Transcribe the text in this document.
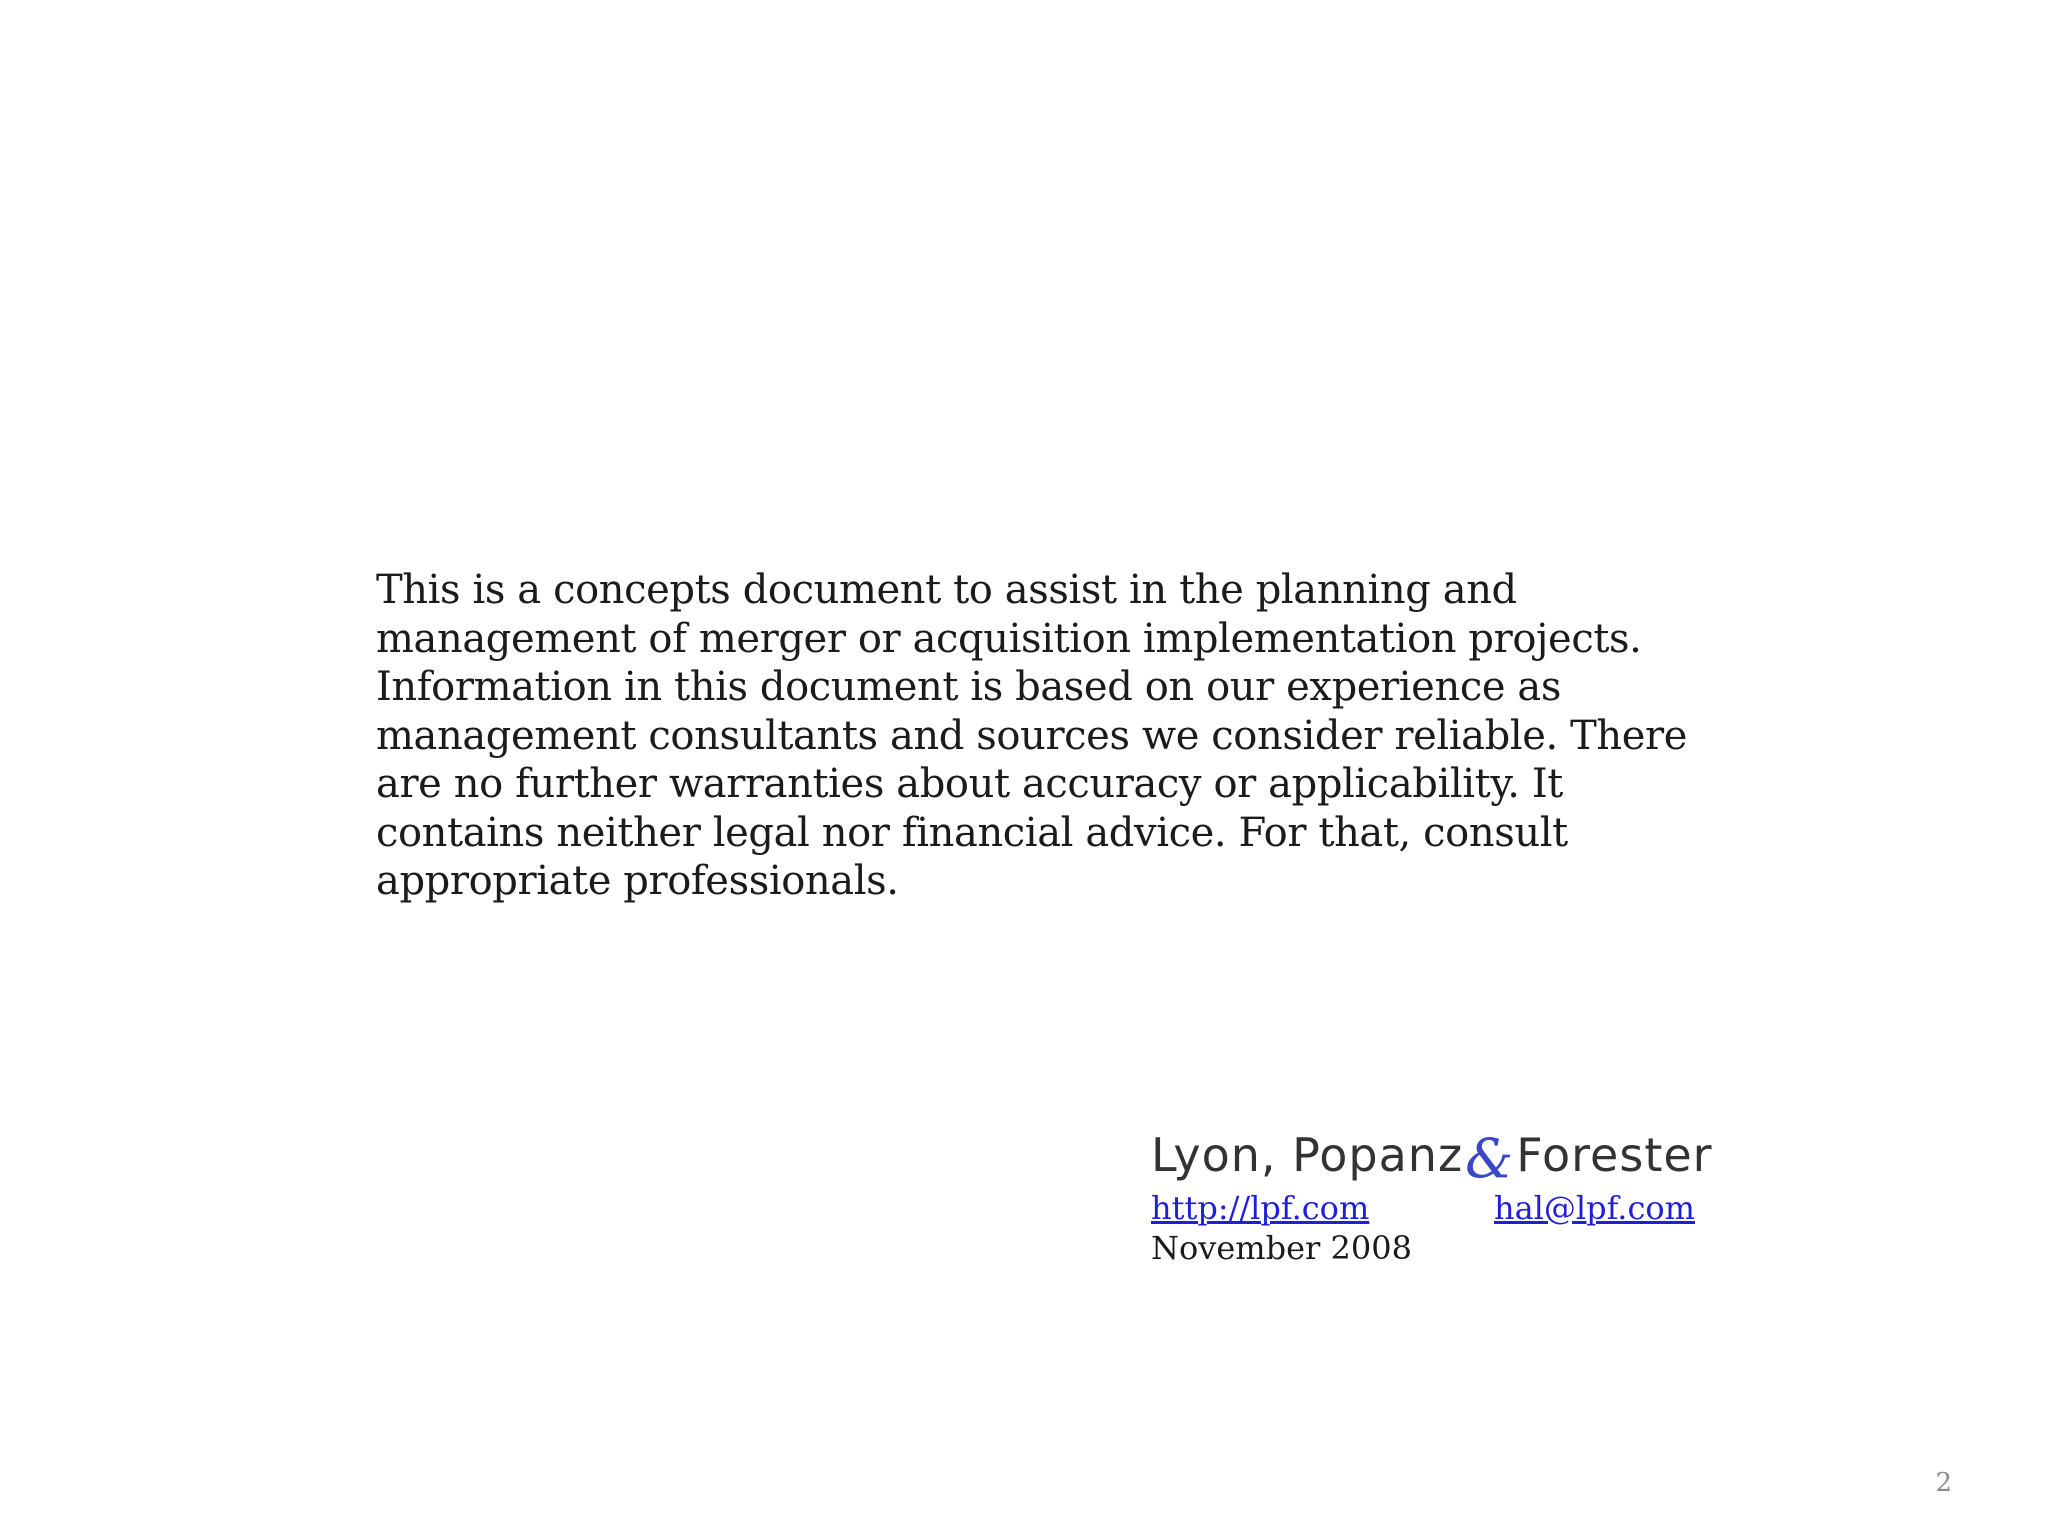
This is a concepts document to assist in the planning and management of merger or acquisition implementation projects. Information in this document is based on our experience as management consultants and sources we consider reliable. There are no further warranties about accuracy or applicability. It contains neither legal nor financial advice. For that, consult appropriate professionals.

Lyon, Popanz & Forester
http://lpf.com	hal@lpf.com
November 2008
2
